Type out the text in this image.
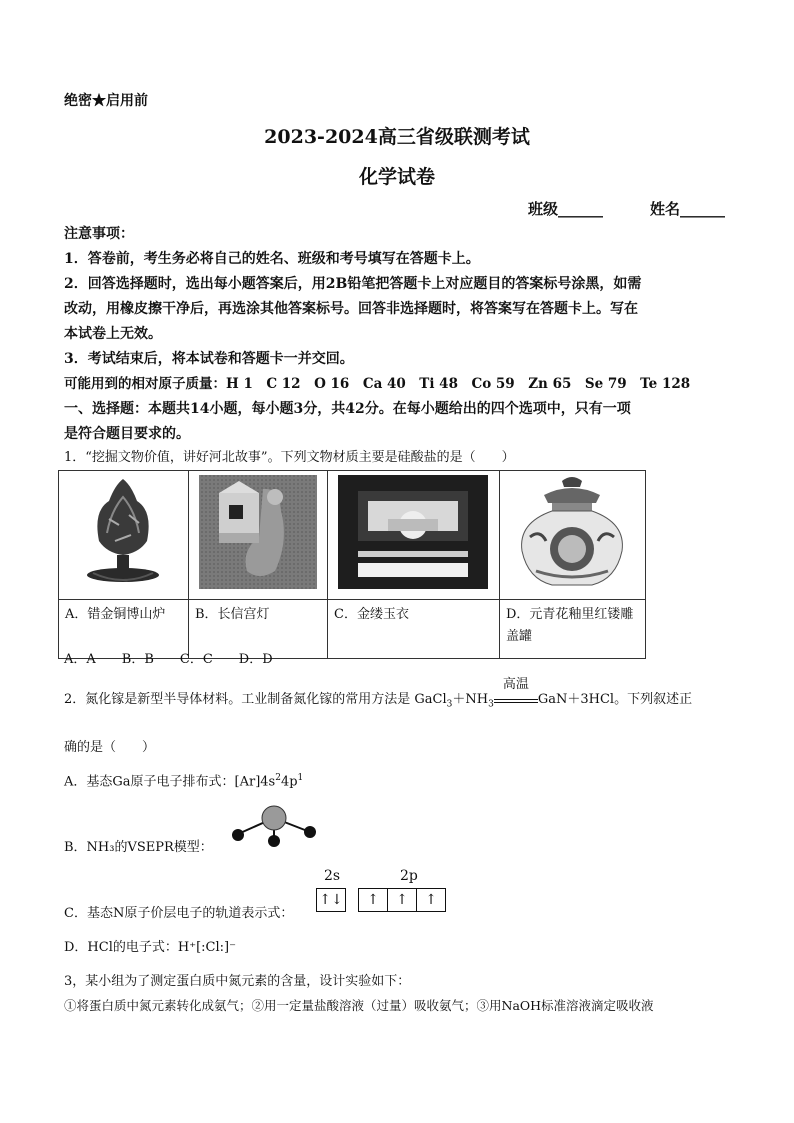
绝密★启用前
2023-2024高三省级联测考试
化学试卷
班级______	姓名______
注意事项：
1．答卷前，考生务必将自己的姓名、班级和考号填写在答题卡上。
2．回答选择题时，选出每小题答案后，用2B铅笔把答题卡上对应题目的答案标号涂黑，如需
改动，用橡皮擦干净后，再选涂其他答案标号。回答非选择题时，将答案写在答题卡上。写在
本试卷上无效。
3．考试结束后，将本试卷和答题卡一并交回。
可能用到的相对原子质量：H 1　C 12　O 16　Ca 40　Ti 48　Co 59　Zn 65　Se 79　Te 128
一、选择题：本题共14小题，每小题3分，共42分。在每小题给出的四个选项中，只有一项
是符合题目要求的。
1．“挖掘文物价值，讲好河北故事”。下列文物材质主要是硅酸盐的是（　　）

A．错金铜博山炉	B．长信宫灯	C．金缕玉衣	D．元青花釉里红镂雕盖罐
A．A　　B．B　　C．C　　D．D
2．氮化镓是新型半导体材料。工业制备氮化镓的常用方法是 $GaCl_3+NH_3$
高温
GaN＋3HCl。下列叙述正
确的是（　　）
A．基态Ga原子电子排布式：$[Ar]4s^24p^1$
B．NH₃的VSEPR模型：
2s	2p
C．基态N原子价层电子的轨道表示式：
↑↓ ↑ ↑ ↑
D．HCl的电子式：H⁺[:Cl:]⁻
3，某小组为了测定蛋白质中氮元素的含量，设计实验如下：
①将蛋白质中氮元素转化成氨气；②用一定量盐酸溶液（过量）吸收氨气；③用NaOH标准溶液滴定吸收液
